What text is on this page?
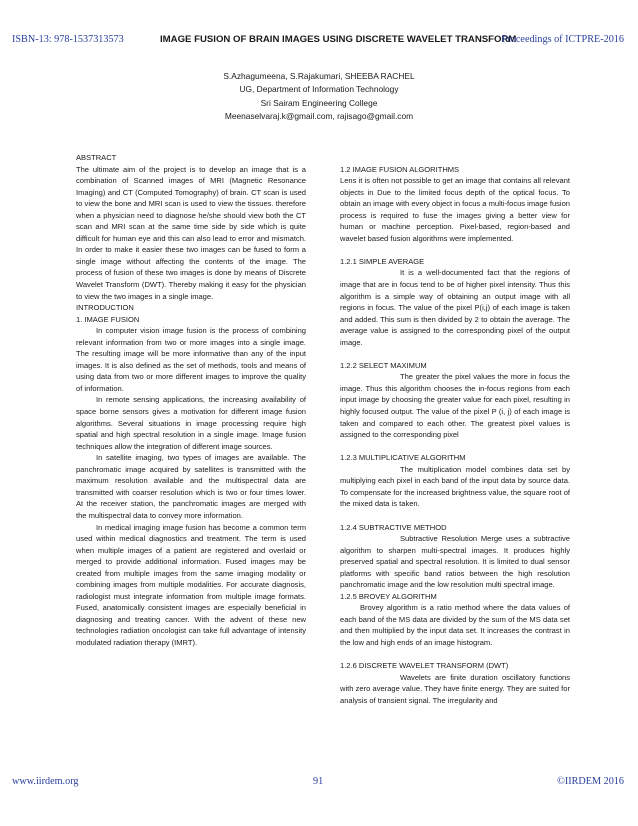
ISBN-13: 978-1537313573	IMAGE FUSION OF BRAIN IMAGES USING DISCRETE WAVELET TRANSFORM
Proceedings of ICTPRE-2016
S.Azhagumeena, S.Rajakumari, SHEEBA RACHEL
UG, Department of Information Technology
Sri Sairam Engineering College
Meenaselvaraj.k@gmail.com, rajisago@gmail.com

ABSTRACT

The ultimate aim of the project is to develop an image that is a combination of Scanned images of MRI (Magnetic Resonance Imaging) and CT (Computed Tomography) of brain. CT scan is used to view the bone and MRI scan is used to view the tissues. therefore when a physician need to diagnose he/she should view both the CT scan and MRI scan at the same time side by side which is quite difficult for human eye and this can also lead to error and mismatch. In order to make it easier these two images can be fused to form a single image without affecting the contents of the image. The process of fusion of these two images is done by means of Discrete Wavelet Transform (DWT). Thereby making it easy for the physician to view the two images in a single image.

INTRODUCTION

1. IMAGE FUSION

In computer vision image fusion is the process of combining relevant information from two or more images into a single image. The resulting image will be more informative than any of the input images. It is also defined as the set of methods, tools and means of using data from two or more different images to improve the quality of information.

In remote sensing applications, the increasing availability of space borne sensors gives a motivation for different image fusion algorithms. Several situations in image processing require high spatial and high spectral resolution in a single image. Image fusion techniques allow the integration of different image sources.

In satellite imaging, two types of images are available. The panchromatic image acquired by satellites is transmitted with the maximum resolution available and the multispectral data are transmitted with coarser resolution which is two or four times lower. At the receiver station, the panchromatic images are merged with the multispectral data to convey more information.

In medical imaging image fusion has become a common term used within medical diagnostics and treatment. The term is used when multiple images of a patient are registered and overlaid or merged to provide additional information. Fused images may be created from multiple images from the same imaging modality or combining images from multiple modalities. For accurate diagnosis, radiologist must integrate information from multiple image formats. Fused, anatomically consistent images are especially beneficial in diagnosing and treating cancer. With the advent of these new technologies radiation oncologist can take full advantage of intensity modulated radiation therapy (IMRT).

1.2 IMAGE FUSION ALGORITHMS

Lens it is often not possible to get an image that contains all relevant objects in Due to the limited focus depth of the optical focus. To obtain an image with every object in focus a multi-focus image fusion process is required to fuse the images giving a better view for human or machine perception. Pixel-based, region-based and wavelet based fusion algorithms were implemented.

1.2.1 SIMPLE AVERAGE

It is a well-documented fact that the regions of image that are in focus tend to be of higher pixel intensity. Thus this algorithm is a simple way of obtaining an output image with all regions in focus. The value of the pixel P(i,j) of each image is taken and added. This sum is then divided by 2 to obtain the average. The average value is assigned to the corresponding pixel of the output image.

1.2.2 SELECT MAXIMUM

The greater the pixel values the more in focus the image. Thus this algorithm chooses the in-focus regions from each input image by choosing the greater value for each pixel, resulting in highly focused output. The value of the pixel P (i, j) of each image is taken and compared to each other. The greatest pixel values is assigned to the corresponding pixel

1.2.3 MULTIPLICATIVE ALGORITHM

The multiplication model combines data set by multiplying each pixel in each band of the input data by source data. To compensate for the increased brightness value, the square root of the mixed data is taken.

1.2.4 SUBTRACTIVE METHOD

Subtractive Resolution Merge uses a subtractive algorithm to sharpen multi-spectral images. It produces highly preserved spatial and spectral resolution. It is limited to dual sensor platforms with specific band ratios between the high resolution panchromatic image and the low resolution multi spectral image.

1.2.5 BROVEY ALGORITHM

Brovey algorithm is a ratio method where the data values of each band of the MS data are divided by the sum of the MS data set and then multiplied by the input data set. It increases the contrast in the low and high ends of an image histogram.

1.2.6 DISCRETE WAVELET TRANSFORM (DWT)

Wavelets are finite duration oscillatory functions with zero average value. They have finite energy. They are suited for analysis of transient signal. The irregularity and

www.iirdem.org	91	©IIRDEM 2016
